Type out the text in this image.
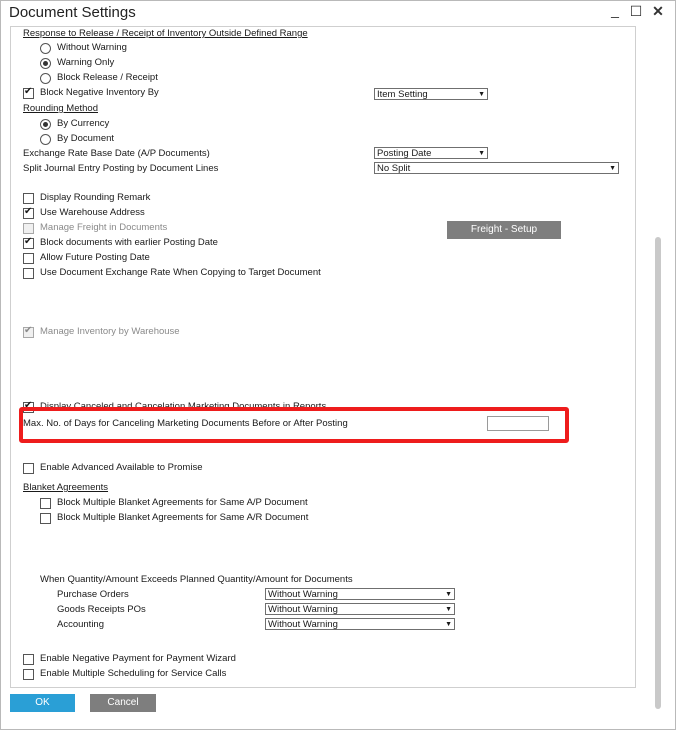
Document Settings	_ ☐ ✕
Response to Release / Receipt of Inventory Outside Defined Range
Without Warning
Warning Only
Block Release / Receipt
✔ Block Negative Inventory By	Item Setting	▼
Rounding Method
By Currency
By Document
Exchange Rate Base Date (A/P Documents)	Posting Date	▼
Split Journal Entry Posting by Document Lines	No Split	▼
Display Rounding Remark
✔ Use Warehouse Address
Manage Freight in Documents
✔ Block documents with earlier Posting Date
Allow Future Posting Date
Use Document Exchange Rate When Copying to Target Document
Freight - Setup
✔ Manage Inventory by Warehouse
✔ Display Canceled and Cancelation Marketing Documents in Reports
Max. No. of Days for Canceling Marketing Documents Before or After Posting
Enable Advanced Available to Promise
Blanket Agreements
Block Multiple Blanket Agreements for Same A/P Document
Block Multiple Blanket Agreements for Same A/R Document
When Quantity/Amount Exceeds Planned Quantity/Amount for Documents
Purchase Orders	Without Warning	▼
Goods Receipts POs	Without Warning	▼
Accounting	Without Warning	▼
Enable Negative Payment for Payment Wizard
Enable Multiple Scheduling for Service Calls
OK	Cancel
